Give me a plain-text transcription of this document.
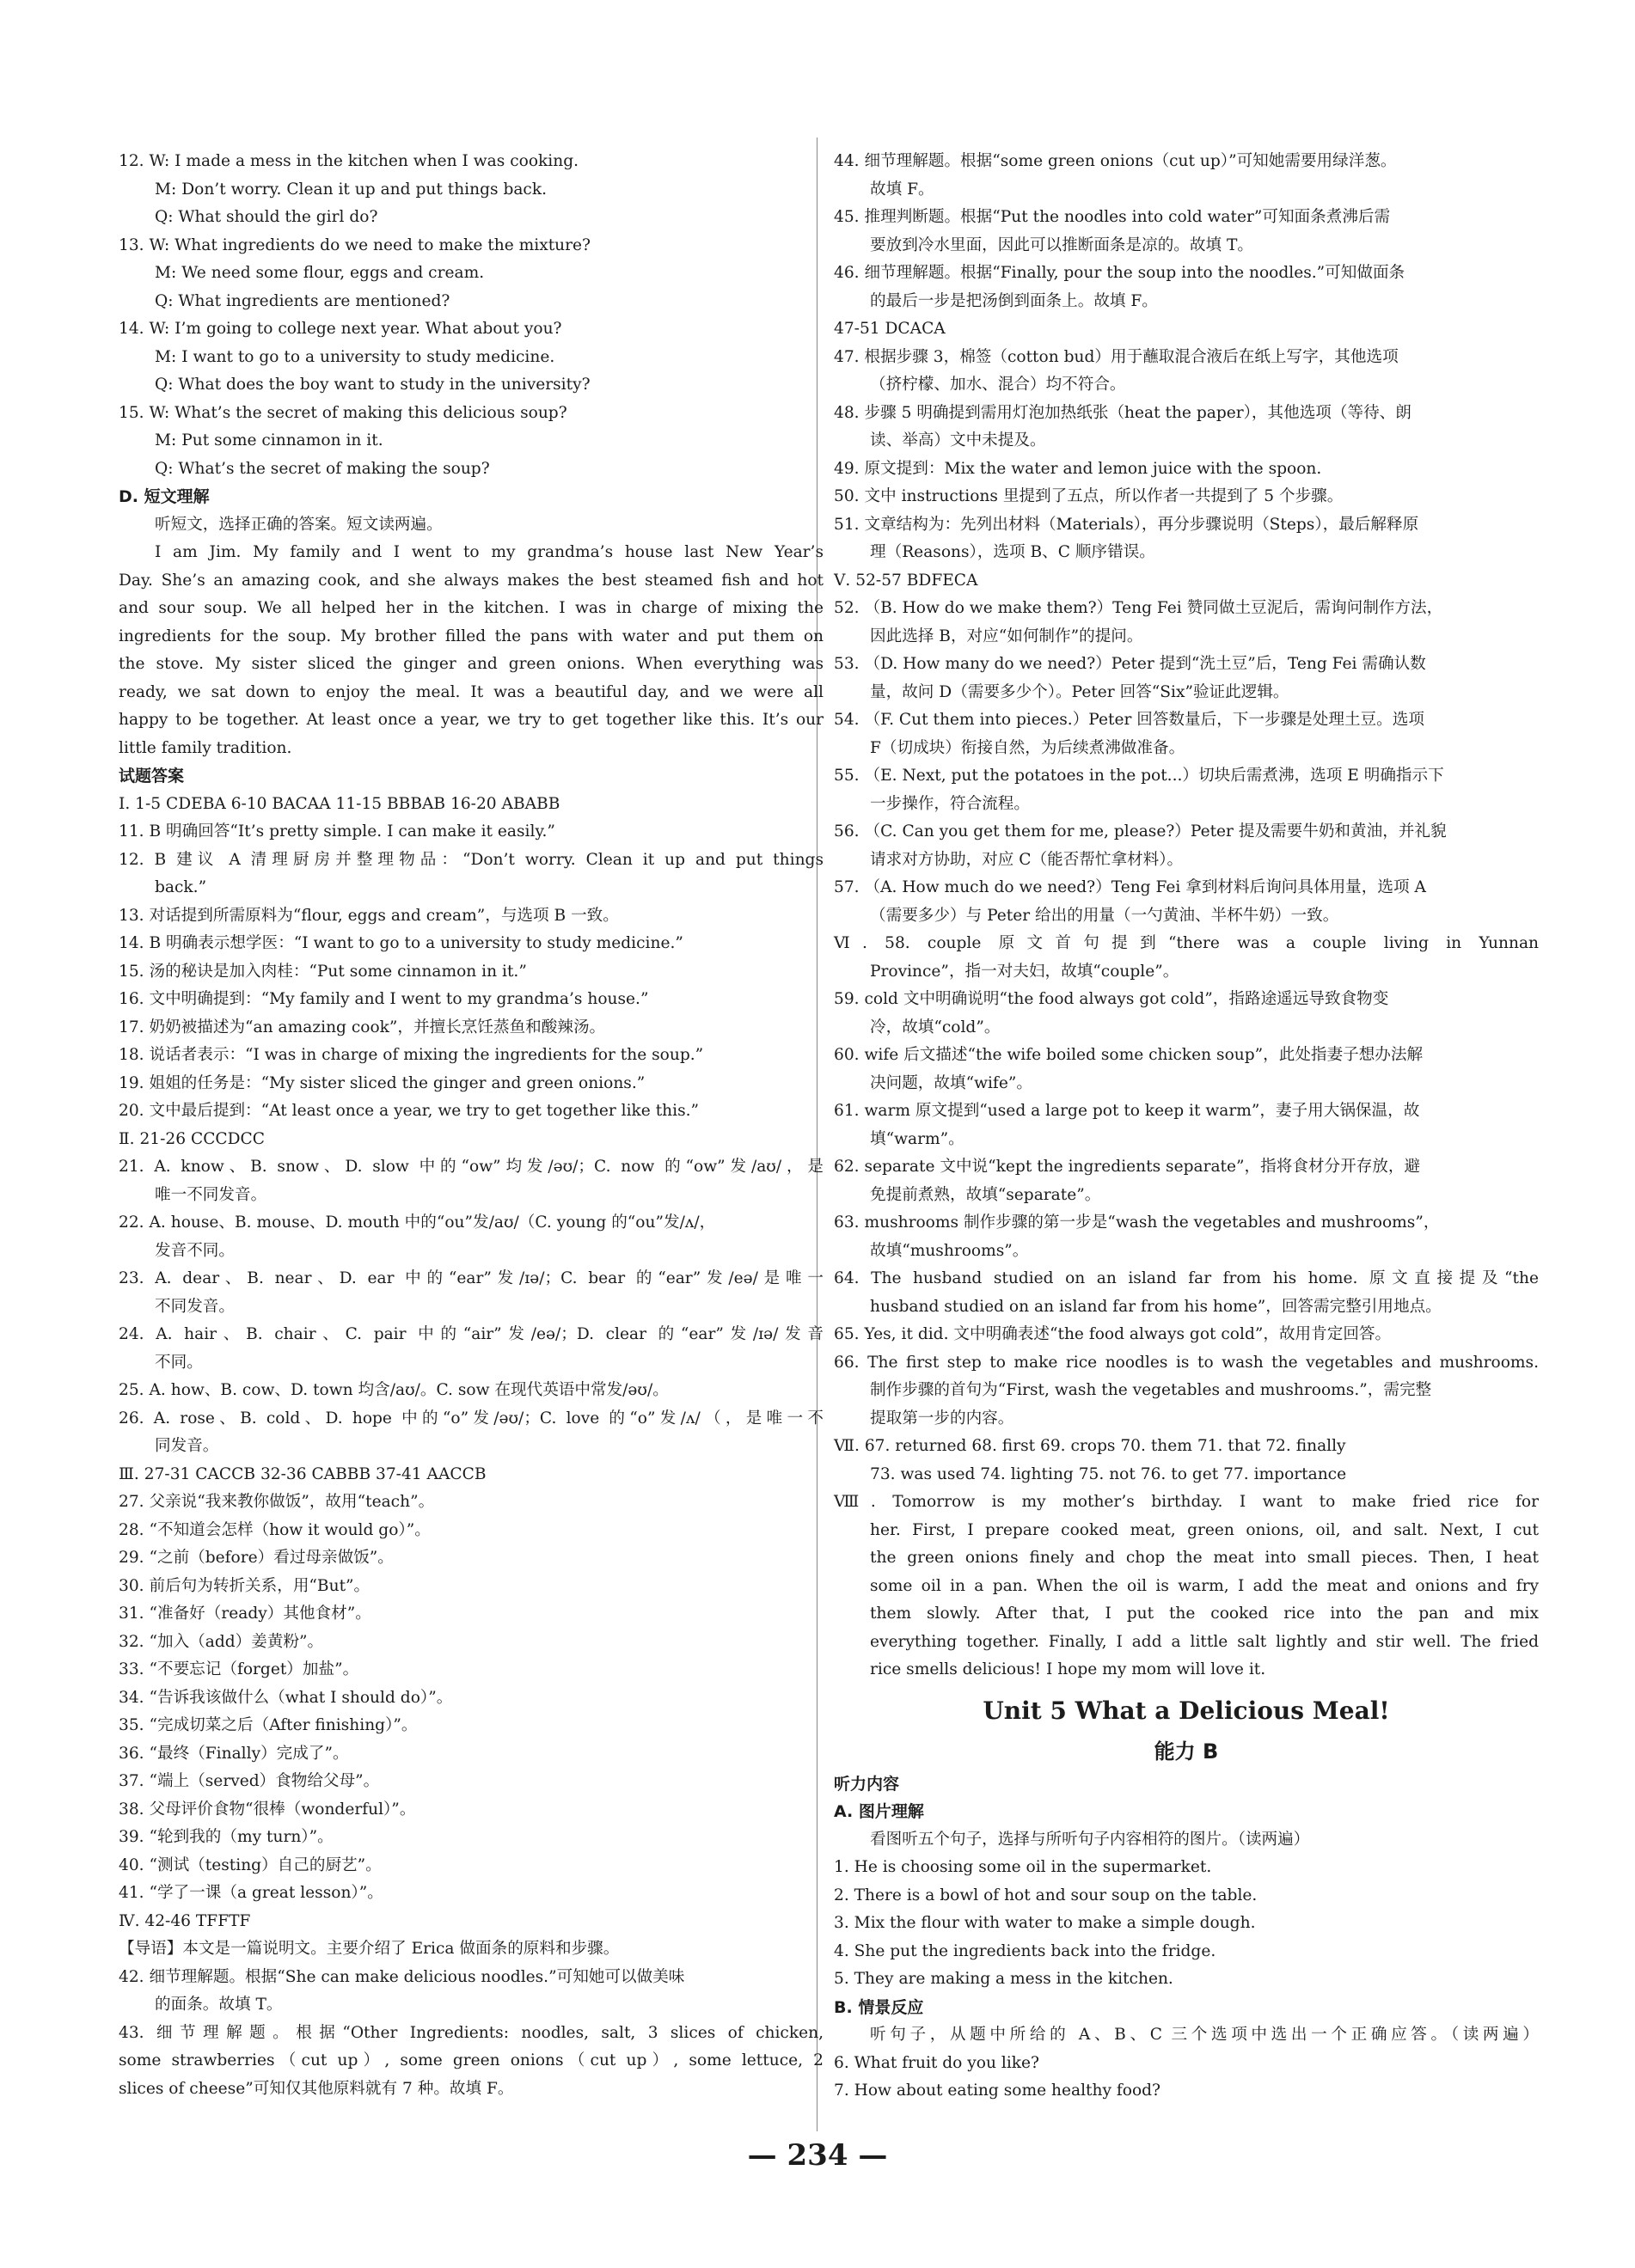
12. W: I made a mess in the kitchen when I was cooking.
M: Don’t worry. Clean it up and put things back.
Q: What should the girl do?
13. W: What ingredients do we need to make the mixture?
M: We need some flour, eggs and cream.
Q: What ingredients are mentioned?
14. W: I’m going to college next year. What about you?
M: I want to go to a university to study medicine.
Q: What does the boy want to study in the university?
15. W: What’s the secret of making this delicious soup?
M: Put some cinnamon in it.
Q: What’s the secret of making the soup?
D. 短文理解
听短文，选择正确的答案。短文读两遍。
I am Jim. My family and I went to my grandma’s house last New Year’s
Day. She’s an amazing cook, and she always makes the best steamed fish and hot
and sour soup. We all helped her in the kitchen. I was in charge of mixing the
ingredients for the soup. My brother filled the pans with water and put them on
the stove. My sister sliced the ginger and green onions. When everything was
ready, we sat down to enjoy the meal. It was a beautiful day, and we were all
happy to be together. At least once a year, we try to get together like this. It’s our
little family tradition.
试题答案
Ⅰ. 1-5 CDEBA 6-10 BACAA 11-15 BBBAB 16-20 ABABB
11. B 明确回答“It’s pretty simple. I can make it easily.”
12. B 建议 A 清理厨房并整理物品：“Don’t worry. Clean it up and put things
back.”
13. 对话提到所需原料为“flour, eggs and cream”，与选项 B 一致。
14. B 明确表示想学医：“I want to go to a university to study medicine.”
15. 汤的秘诀是加入肉桂：“Put some cinnamon in it.”
16. 文中明确提到：“My family and I went to my grandma’s house.”
17. 奶奶被描述为“an amazing cook”，并擅长烹饪蒸鱼和酸辣汤。
18. 说话者表示：“I was in charge of mixing the ingredients for the soup.”
19. 姐姐的任务是：“My sister sliced the ginger and green onions.”
20. 文中最后提到：“At least once a year, we try to get together like this.”
Ⅱ. 21-26 CCCDCC
21. A. know、B. snow、D. slow 中的“ow”均发/əʊ/；C. now 的“ow”发/aʊ/，是
唯一不同发音。
22. A. house、B. mouse、D. mouth 中的“ou”发/aʊ/（C. young 的“ou”发/ʌ/，
发音不同。
23. A. dear、B. near、D. ear 中的“ear”发/ɪə/；C. bear 的“ear”发/eə/是唯一
不同发音。
24. A. hair、B. chair、C. pair 中的“air”发/eə/；D. clear 的“ear”发/ɪə/发音
不同。
25. A. how、B. cow、D. town 均含/aʊ/。C. sow 在现代英语中常发/əʊ/。
26. A. rose、B. cold、D. hope 中的“o”发/əʊ/；C. love 的“o”发/ʌ/（，是唯一不
同发音。
Ⅲ. 27-31 CACCB 32-36 CABBB 37-41 AACCB
27. 父亲说“我来教你做饭”，故用“teach”。
28. “不知道会怎样（how it would go）”。
29. “之前（before）看过母亲做饭”。
30. 前后句为转折关系，用“But”。
31. “准备好（ready）其他食材”。
32. “加入（add）姜黄粉”。
33. “不要忘记（forget）加盐”。
34. “告诉我该做什么（what I should do）”。
35. “完成切菜之后（After finishing）”。
36. “最终（Finally）完成了”。
37. “端上（served）食物给父母”。
38. 父母评价食物“很棒（wonderful）”。
39. “轮到我的（my turn）”。
40. “测试（testing）自己的厨艺”。
41. “学了一课（a great lesson）”。
Ⅳ. 42-46 TFFTF
【导语】本文是一篇说明文。主要介绍了 Erica 做面条的原料和步骤。
42. 细节理解题。根据“She can make delicious noodles.”可知她可以做美味
的面条。故填 T。
43. 细节理解题。根据“Other Ingredients: noodles, salt, 3 slices of chicken,
some strawberries（cut up）, some green onions（cut up）, some lettuce, 2
slices of cheese”可知仅其他原料就有 7 种。故填 F。
44. 细节理解题。根据“some green onions（cut up）”可知她需要用绿洋葱。
故填 F。
45. 推理判断题。根据“Put the noodles into cold water”可知面条煮沸后需
要放到冷水里面，因此可以推断面条是凉的。故填 T。
46. 细节理解题。根据“Finally, pour the soup into the noodles.”可知做面条
的最后一步是把汤倒到面条上。故填 F。
47-51 DCACA
47. 根据步骤 3，棉签（cotton bud）用于蘸取混合液后在纸上写字，其他选项
（挤柠檬、加水、混合）均不符合。
48. 步骤 5 明确提到需用灯泡加热纸张（heat the paper），其他选项（等待、朗
读、举高）文中未提及。
49. 原文提到：Mix the water and lemon juice with the spoon.
50. 文中 instructions 里提到了五点，所以作者一共提到了 5 个步骤。
51. 文章结构为：先列出材料（Materials），再分步骤说明（Steps），最后解释原
理（Reasons），选项 B、C 顺序错误。
Ⅴ. 52-57 BDFECA
52. （B. How do we make them?）Teng Fei 赞同做土豆泥后，需询问制作方法，
因此选择 B，对应“如何制作”的提问。
53. （D. How many do we need?）Peter 提到“洗土豆”后，Teng Fei 需确认数
量，故问 D（需要多少个）。Peter 回答“Six”验证此逻辑。
54. （F. Cut them into pieces.）Peter 回答数量后，下一步骤是处理土豆。选项
F（切成块）衔接自然，为后续煮沸做准备。
55. （E. Next, put the potatoes in the pot...）切块后需煮沸，选项 E 明确指示下
一步操作，符合流程。
56. （C. Can you get them for me, please?）Peter 提及需要牛奶和黄油，并礼貌
请求对方协助，对应 C（能否帮忙拿材料）。
57. （A. How much do we need?）Teng Fei 拿到材料后询问具体用量，选项 A
（需要多少）与 Peter 给出的用量（一勺黄油、半杯牛奶）一致。
Ⅵ. 58. couple 原文首句提到“there was a couple living in Yunnan
Province”，指一对夫妇，故填“couple”。
59. cold 文中明确说明“the food always got cold”，指路途遥远导致食物变
冷，故填“cold”。
60. wife 后文描述“the wife boiled some chicken soup”，此处指妻子想办法解
决问题，故填“wife”。
61. warm 原文提到“used a large pot to keep it warm”，妻子用大锅保温，故
填“warm”。
62. separate 文中说“kept the ingredients separate”，指将食材分开存放，避
免提前煮熟，故填“separate”。
63. mushrooms 制作步骤的第一步是“wash the vegetables and mushrooms”，
故填“mushrooms”。
64. The husband studied on an island far from his home. 原文直接提及“the
husband studied on an island far from his home”，回答需完整引用地点。
65. Yes, it did. 文中明确表述“the food always got cold”，故用肯定回答。
66. The first step to make rice noodles is to wash the vegetables and mushrooms.
制作步骤的首句为“First, wash the vegetables and mushrooms.”，需完整
提取第一步的内容。
Ⅶ. 67. returned 68. first 69. crops 70. them 71. that 72. finally
73. was used 74. lighting 75. not 76. to get 77. importance
Ⅷ. Tomorrow is my mother’s birthday. I want to make fried rice for
her. First, I prepare cooked meat, green onions, oil, and salt. Next, I cut
the green onions finely and chop the meat into small pieces. Then, I heat
some oil in a pan. When the oil is warm, I add the meat and onions and fry
them slowly. After that, I put the cooked rice into the pan and mix
everything together. Finally, I add a little salt lightly and stir well. The fried
rice smells delicious! I hope my mom will love it.
Unit 5 What a Delicious Meal!
能力 B
听力内容
A. 图片理解
看图听五个句子，选择与所听句子内容相符的图片。（读两遍）
1. He is choosing some oil in the supermarket.
2. There is a bowl of hot and sour soup on the table.
3. Mix the flour with water to make a simple dough.
4. She put the ingredients back into the fridge.
5. They are making a mess in the kitchen.
B. 情景反应
听句子，从题中所给的 A、B、C 三个选项中选出一个正确应答。（读两遍）
6. What fruit do you like?
7. How about eating some healthy food?
— 234 —
